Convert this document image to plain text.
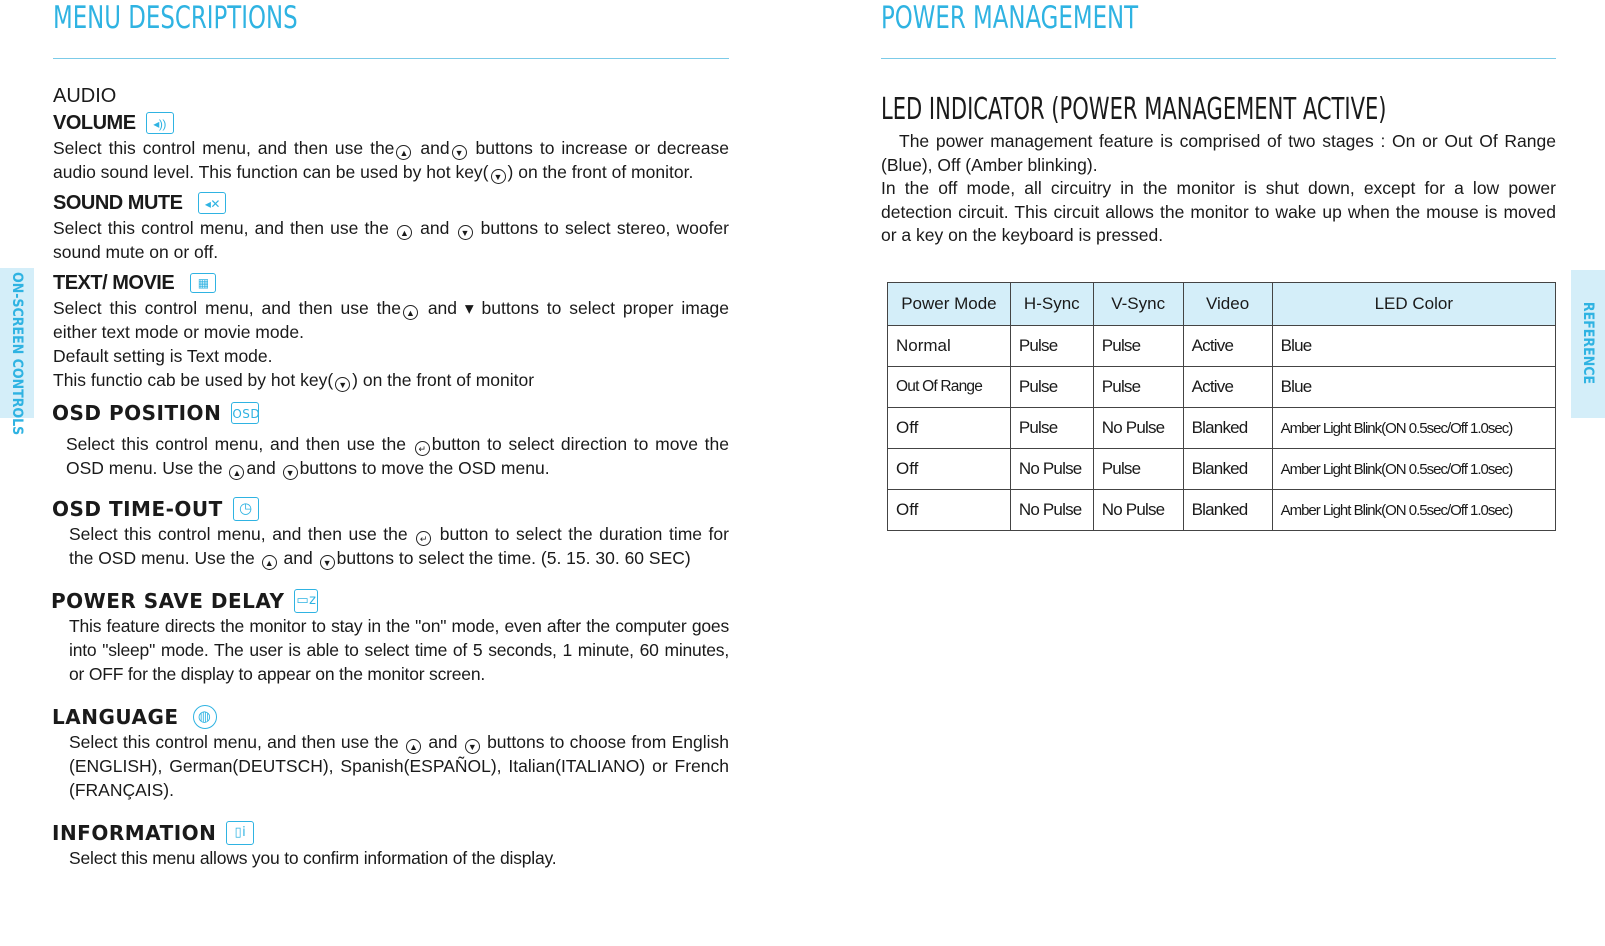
MENU DESCRIPTIONS	POWER MANAGEMENT
ON-SCREEN CONTROLS	REFERENCE
AUDIO
VOLUME	◂))

Select this control menu, and then use the ▲ and ▼ buttons to increase or decrease audio sound level. This function can be used by hot key( ▼ ) on the front of monitor.

SOUND MUTE	◂✕

Select this control menu, and then use the ▲ and ▼ buttons to select stereo, woofer sound mute on or off.

TEXT/ MOVIE	▦

Select this control menu, and then use the ▲ and ▾ buttons to select proper image either text mode or movie mode.

Default setting is Text mode.

This functio cab be used by hot key( ▼ ) on the front of monitor

OSD POSITION OSD

Select this control menu, and then use the ↵ button to select direction to move the OSD menu. Use the ▲ and ▼ buttons to move the OSD menu.

OSD TIME-OUT	◷

Select this control menu, and then use the ↵ button to select the duration time for the OSD menu. Use the ▲ and ▼ buttons to select the time. (5. 15. 30. 60 SEC)

POWER SAVE DELAY ▭z

This feature directs the monitor to stay in the "on" mode, even after the computer goes into "sleep" mode. The user is able to select time of 5 seconds, 1 minute, 60 minutes, or OFF for the display to appear on the monitor screen.

LANGUAGE	◍

Select this control menu, and then use the ▲ and ▼ buttons to choose from English (ENGLISH), German(DEUTSCH), Spanish(ESPAÑOL), Italian(ITALIANO) or French (FRANÇAIS).

INFORMATION	▯i

Select this menu allows you to confirm information of the display.

LED INDICATOR (POWER MANAGEMENT ACTIVE)

The power management feature is comprised of two stages : On or Out Of Range (Blue), Off (Amber blinking).

In the off mode, all circuitry in the monitor is shut down, except for a low power detection circuit. This circuit allows the monitor to wake up when the mouse is moved or a key on the keyboard is pressed.

Power Mode	H-Sync	V-Sync	Video	LED Color
Normal	Pulse	Pulse	Active	Blue
Out Of Range	Pulse	Pulse	Active	Blue
Off	Pulse	No Pulse	Blanked	Amber Light Blink(ON 0.5sec/Off 1.0sec)
Off	No Pulse	Pulse	Blanked	Amber Light Blink(ON 0.5sec/Off 1.0sec)
Off	No Pulse	No Pulse	Blanked	Amber Light Blink(ON 0.5sec/Off 1.0sec)
